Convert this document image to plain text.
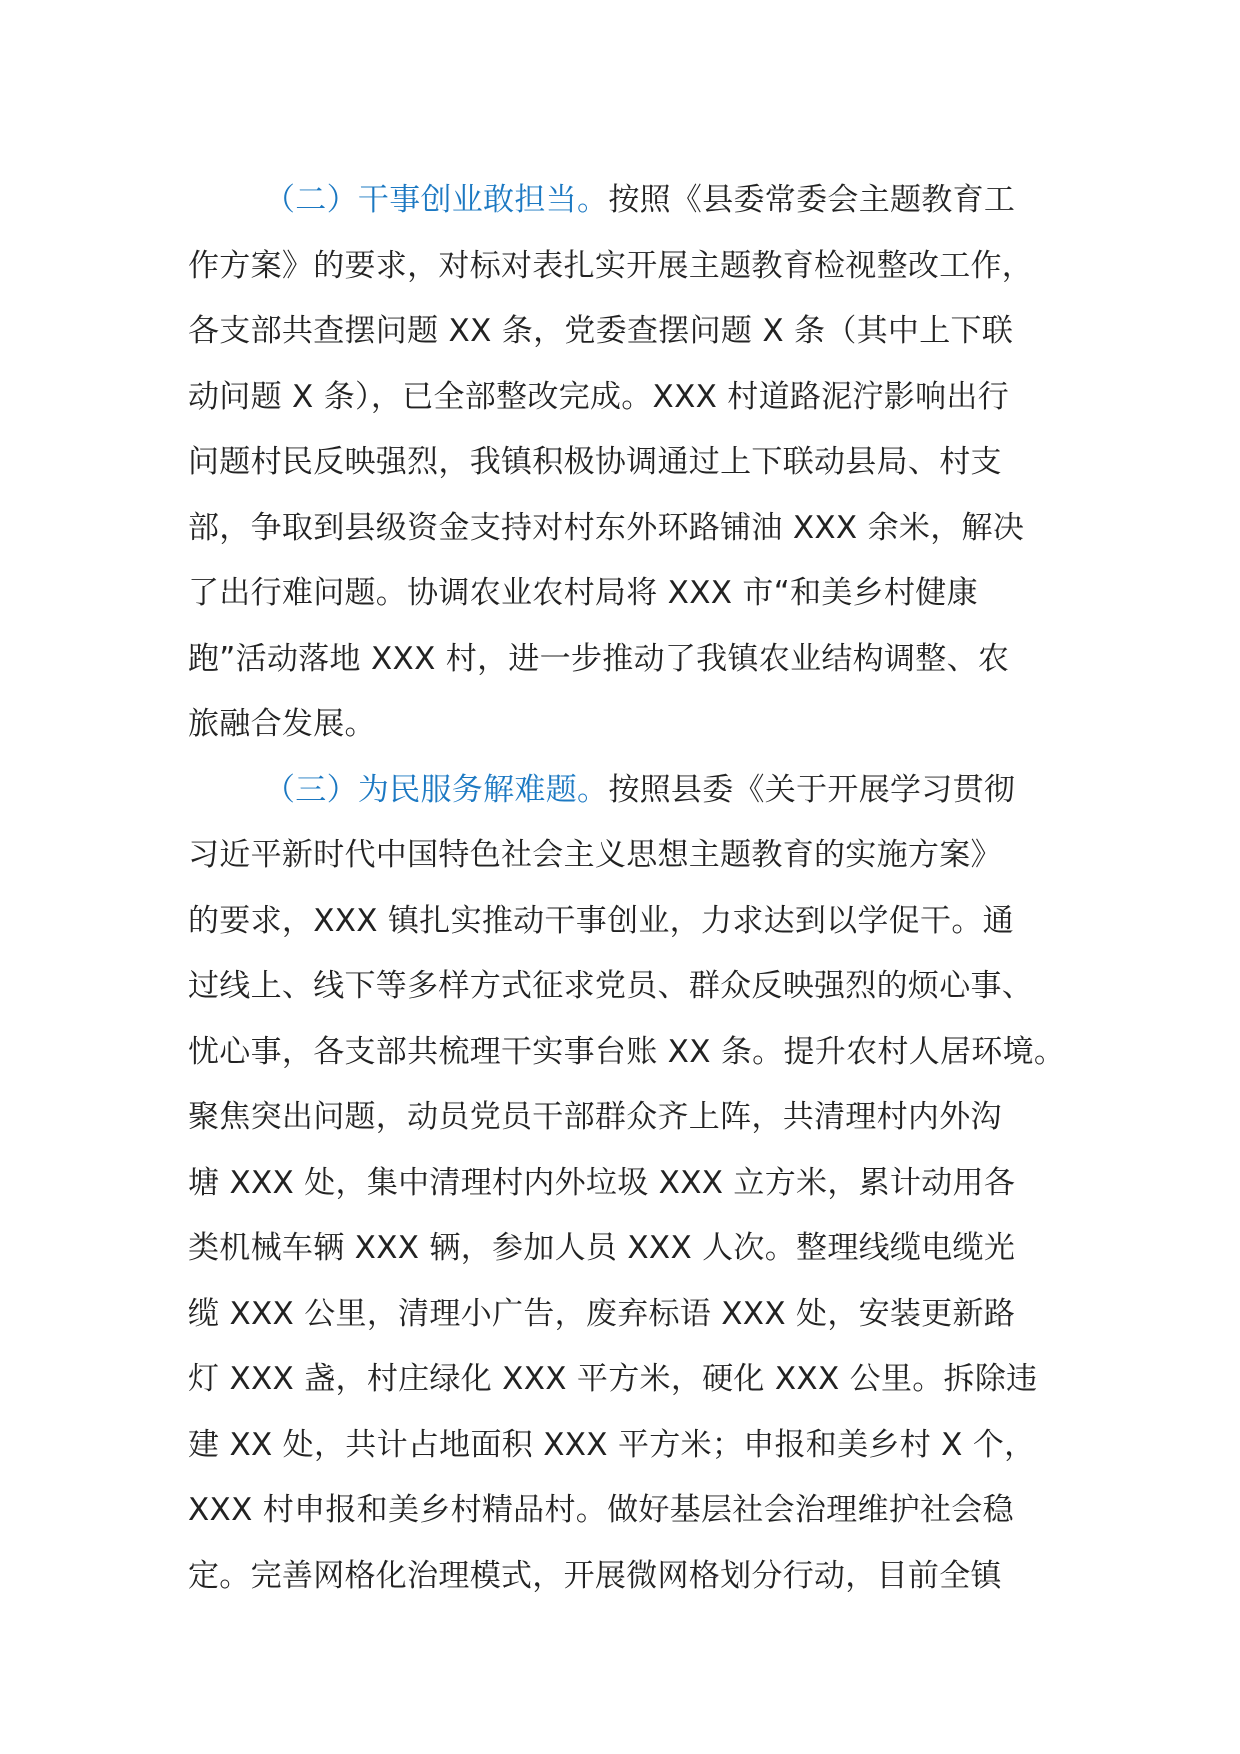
（二）干事创业敢担当。按照《县委常委会主题教育工
作方案》的要求，对标对表扎实开展主题教育检视整改工作，
各支部共查摆问题 XX 条，党委查摆问题 X 条（其中上下联
动问题 X 条），已全部整改完成。XXX 村道路泥泞影响出行
问题村民反映强烈，我镇积极协调通过上下联动县局、村支
部，争取到县级资金支持对村东外环路铺油 XXX 余米，解决
了出行难问题。协调农业农村局将 XXX 市“和美乡村健康
跑”活动落地 XXX 村，进一步推动了我镇农业结构调整、农
旅融合发展。
（三）为民服务解难题。按照县委《关于开展学习贯彻
习近平新时代中国特色社会主义思想主题教育的实施方案》
的要求，XXX 镇扎实推动干事创业，力求达到以学促干。通
过线上、线下等多样方式征求党员、群众反映强烈的烦心事、
忧心事，各支部共梳理干实事台账 XX 条。提升农村人居环境。
聚焦突出问题，动员党员干部群众齐上阵，共清理村内外沟
塘 XXX 处，集中清理村内外垃圾 XXX 立方米，累计动用各
类机械车辆 XXX 辆，参加人员 XXX 人次。整理线缆电缆光
缆 XXX 公里，清理小广告，废弃标语 XXX 处，安装更新路
灯 XXX 盏，村庄绿化 XXX 平方米，硬化 XXX 公里。拆除违
建 XX 处，共计占地面积 XXX 平方米；申报和美乡村 X 个，
XXX 村申报和美乡村精品村。做好基层社会治理维护社会稳
定。完善网格化治理模式，开展微网格划分行动，目前全镇
